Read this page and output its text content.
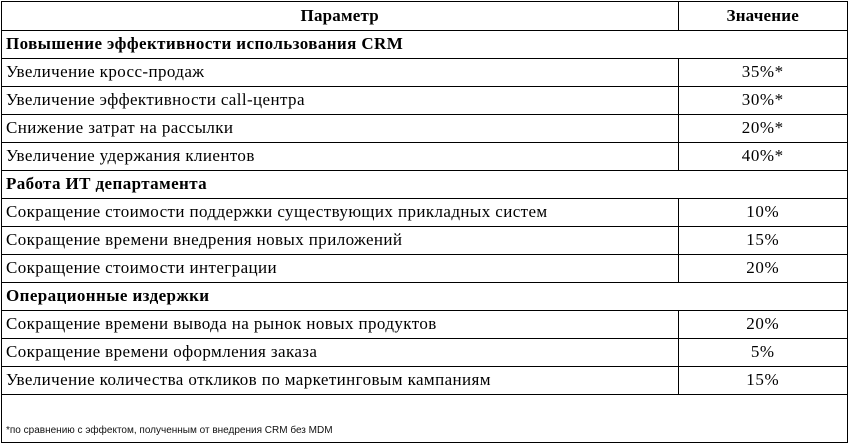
Параметр	Значение
Повышение эффективности использования CRM	
Увеличение кросс-продаж	35%*
Увеличение эффективности call-центра	30%*
Снижение затрат на рассылки	20%*
Увеличение удержания клиентов	40%*
Работа ИТ департамента	
Сокращение стоимости поддержки существующих прикладных систем	10%
Сокращение времени внедрения новых приложений	15%
Сокращение стоимости интеграции	20%
Операционные издержки	
Сокращение времени вывода на рынок новых продуктов	20%
Сокращение времени оформления заказа	5%
Увеличение количества откликов по маркетинговым кампаниям	15%
*по сравнению с эффектом, полученным от внедрения CRM без MDM
